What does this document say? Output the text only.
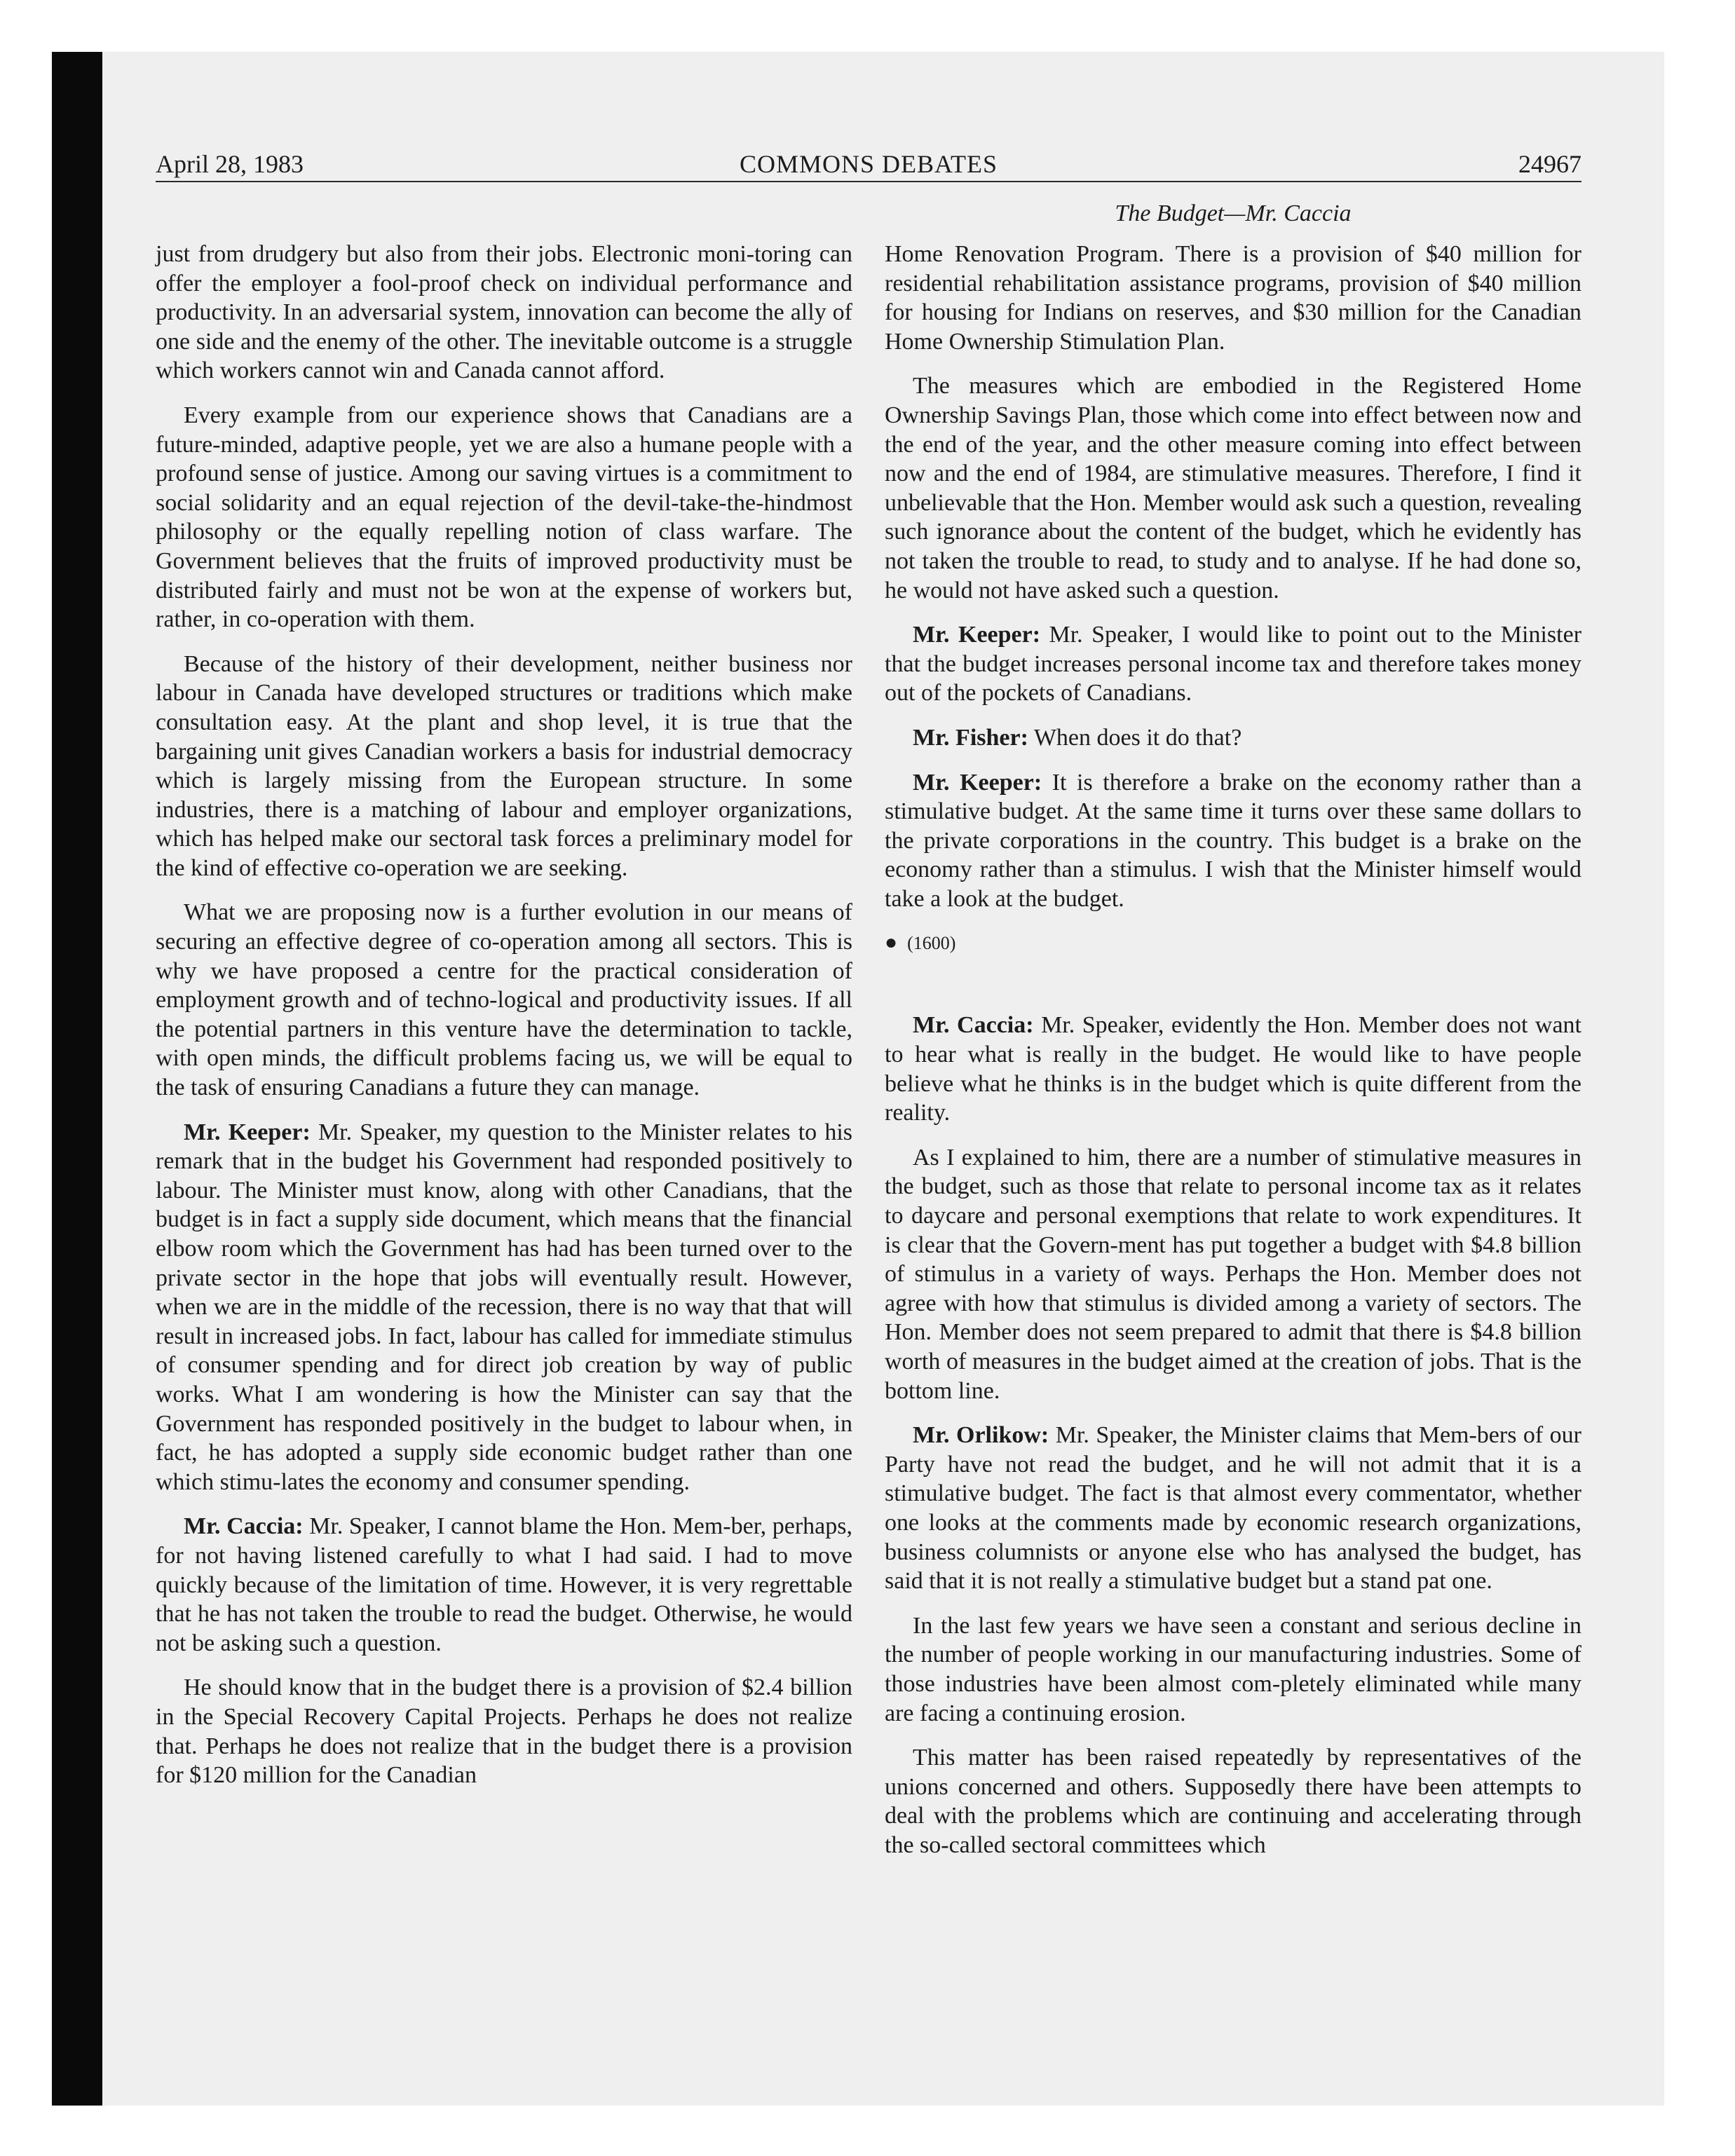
April 28, 1983	COMMONS DEBATES	24967
The Budget—Mr. Caccia

just from drudgery but also from their jobs. Electronic moni-toring can offer the employer a fool-proof check on individual performance and productivity. In an adversarial system, innovation can become the ally of one side and the enemy of the other. The inevitable outcome is a struggle which workers cannot win and Canada cannot afford.

Every example from our experience shows that Canadians are a future-minded, adaptive people, yet we are also a humane people with a profound sense of justice. Among our saving virtues is a commitment to social solidarity and an equal rejection of the devil-take-the-hindmost philosophy or the equally repelling notion of class warfare. The Government believes that the fruits of improved productivity must be distributed fairly and must not be won at the expense of workers but, rather, in co-operation with them.

Because of the history of their development, neither business nor labour in Canada have developed structures or traditions which make consultation easy. At the plant and shop level, it is true that the bargaining unit gives Canadian workers a basis for industrial democracy which is largely missing from the European structure. In some industries, there is a matching of labour and employer organizations, which has helped make our sectoral task forces a preliminary model for the kind of effective co-operation we are seeking.

What we are proposing now is a further evolution in our means of securing an effective degree of co-operation among all sectors. This is why we have proposed a centre for the practical consideration of employment growth and of techno-logical and productivity issues. If all the potential partners in this venture have the determination to tackle, with open minds, the difficult problems facing us, we will be equal to the task of ensuring Canadians a future they can manage.

Mr. Keeper: Mr. Speaker, my question to the Minister relates to his remark that in the budget his Government had responded positively to labour. The Minister must know, along with other Canadians, that the budget is in fact a supply side document, which means that the financial elbow room which the Government has had has been turned over to the private sector in the hope that jobs will eventually result. However, when we are in the middle of the recession, there is no way that that will result in increased jobs. In fact, labour has called for immediate stimulus of consumer spending and for direct job creation by way of public works. What I am wondering is how the Minister can say that the Government has responded positively in the budget to labour when, in fact, he has adopted a supply side economic budget rather than one which stimu-lates the economy and consumer spending.

Mr. Caccia: Mr. Speaker, I cannot blame the Hon. Mem-ber, perhaps, for not having listened carefully to what I had said. I had to move quickly because of the limitation of time. However, it is very regrettable that he has not taken the trouble to read the budget. Otherwise, he would not be asking such a question.

He should know that in the budget there is a provision of $2.4 billion in the Special Recovery Capital Projects. Perhaps he does not realize that. Perhaps he does not realize that in the budget there is a provision for $120 million for the Canadian

Home Renovation Program. There is a provision of $40 million for residential rehabilitation assistance programs, provision of $40 million for housing for Indians on reserves, and $30 million for the Canadian Home Ownership Stimulation Plan.

The measures which are embodied in the Registered Home Ownership Savings Plan, those which come into effect between now and the end of the year, and the other measure coming into effect between now and the end of 1984, are stimulative measures. Therefore, I find it unbelievable that the Hon. Member would ask such a question, revealing such ignorance about the content of the budget, which he evidently has not taken the trouble to read, to study and to analyse. If he had done so, he would not have asked such a question.

Mr. Keeper: Mr. Speaker, I would like to point out to the Minister that the budget increases personal income tax and therefore takes money out of the pockets of Canadians.

Mr. Fisher: When does it do that?

Mr. Keeper: It is therefore a brake on the economy rather than a stimulative budget. At the same time it turns over these same dollars to the private corporations in the country. This budget is a brake on the economy rather than a stimulus. I wish that the Minister himself would take a look at the budget.

● (1600)

Mr. Caccia: Mr. Speaker, evidently the Hon. Member does not want to hear what is really in the budget. He would like to have people believe what he thinks is in the budget which is quite different from the reality.

As I explained to him, there are a number of stimulative measures in the budget, such as those that relate to personal income tax as it relates to daycare and personal exemptions that relate to work expenditures. It is clear that the Govern-ment has put together a budget with $4.8 billion of stimulus in a variety of ways. Perhaps the Hon. Member does not agree with how that stimulus is divided among a variety of sectors. The Hon. Member does not seem prepared to admit that there is $4.8 billion worth of measures in the budget aimed at the creation of jobs. That is the bottom line.

Mr. Orlikow: Mr. Speaker, the Minister claims that Mem-bers of our Party have not read the budget, and he will not admit that it is a stimulative budget. The fact is that almost every commentator, whether one looks at the comments made by economic research organizations, business columnists or anyone else who has analysed the budget, has said that it is not really a stimulative budget but a stand pat one.

In the last few years we have seen a constant and serious decline in the number of people working in our manufacturing industries. Some of those industries have been almost com-pletely eliminated while many are facing a continuing erosion.

This matter has been raised repeatedly by representatives of the unions concerned and others. Supposedly there have been attempts to deal with the problems which are continuing and accelerating through the so-called sectoral committees which
